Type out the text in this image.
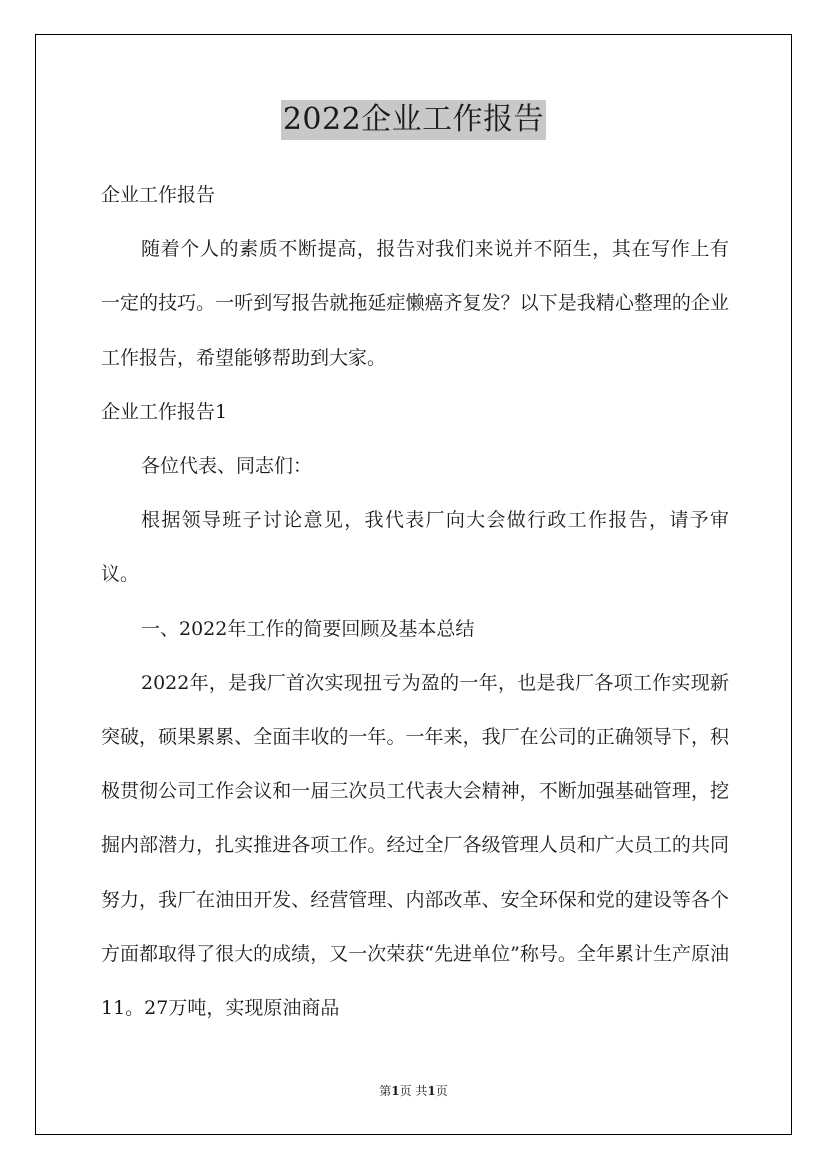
2022企业工作报告

企业工作报告

随着个人的素质不断提高，报告对我们来说并不陌生，其在写作上有一定的技巧。一听到写报告就拖延症懒癌齐复发？以下是我精心整理的企业工作报告，希望能够帮助到大家。

企业工作报告1

各位代表、同志们：

根据领导班子讨论意见，我代表厂向大会做行政工作报告，请予审议。

一、2022年工作的简要回顾及基本总结

2022年，是我厂首次实现扭亏为盈的一年，也是我厂各项工作实现新突破，硕果累累、全面丰收的一年。一年来，我厂在公司的正确领导下，积极贯彻公司工作会议和一届三次员工代表大会精神，不断加强基础管理，挖掘内部潜力，扎实推进各项工作。经过全厂各级管理人员和广大员工的共同努力，我厂在油田开发、经营管理、内部改革、安全环保和党的建设等各个方面都取得了很大的成绩，又一次荣获“先进单位”称号。全年累计生产原油11。27万吨，实现原油商品

第1页 共1页
